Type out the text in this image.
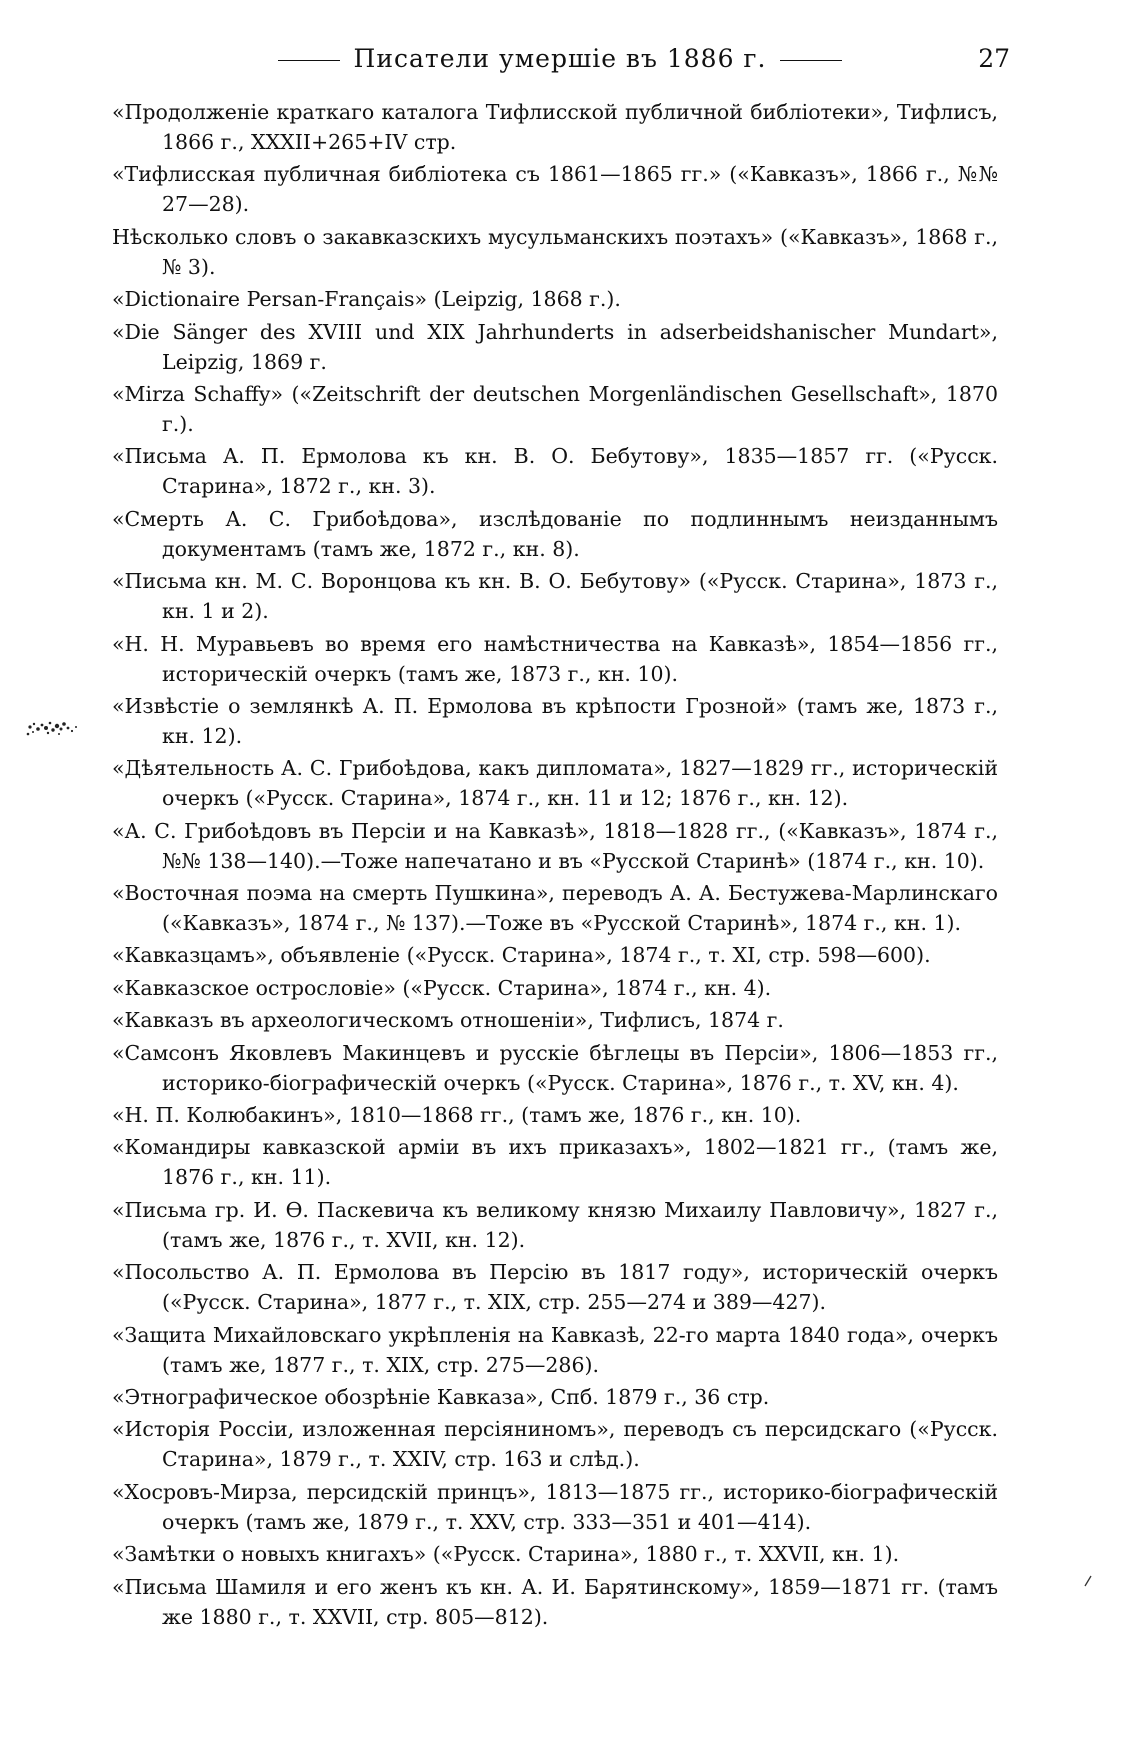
Писатели умершіе въ 1886 г.	27

«Продолженіе краткаго каталога Тифлисской публичной библіотеки», Тифлисъ, 1866 г., XXXII+265+IV стр.

«Тифлисская публичная библіотека съ 1861—1865 гг.» («Кавказъ», 1866 г., №№ 27—28).

Нѣсколько словъ о закавказскихъ мусульманскихъ поэтахъ» («Кавказъ», 1868 г., № 3).

«Dictionaire Persan-Français» (Leipzig, 1868 г.).

«Die Sänger des XVIII und XIX Jahrhunderts in adserbeidshanischer Mundart», Leipzig, 1869 г.

«Mirza Schaffy» («Zeitschrift der deutschen Morgenländischen Gesellschaft», 1870 г.).

«Письма А. П. Ермолова къ кн. В. О. Бебутову», 1835—1857 гг. («Русск. Старина», 1872 г., кн. 3).

«Смерть А. С. Грибоѣдова», изслѣдованіе по подлиннымъ неизданнымъ документамъ (тамъ же, 1872 г., кн. 8).

«Письма кн. М. С. Воронцова къ кн. В. О. Бебутову» («Русск. Старина», 1873 г., кн. 1 и 2).

«Н. Н. Муравьевъ во время его намѣстничества на Кавказѣ», 1854—1856 гг., историческій очеркъ (тамъ же, 1873 г., кн. 10).

«Извѣстіе о землянкѣ А. П. Ермолова въ крѣпости Грозной» (тамъ же, 1873 г., кн. 12).

«Дѣятельность А. С. Грибоѣдова, какъ дипломата», 1827—1829 гг., историческій очеркъ («Русск. Старина», 1874 г., кн. 11 и 12; 1876 г., кн. 12).

«А. С. Грибоѣдовъ въ Персіи и на Кавказѣ», 1818—1828 гг., («Кавказъ», 1874 г., №№ 138—140).—Тоже напечатано и въ «Русской Старинѣ» (1874 г., кн. 10).

«Восточная поэма на смерть Пушкина», переводъ А. А. Бестужева-Марлинскаго («Кавказъ», 1874 г., № 137).—Тоже въ «Русской Старинѣ», 1874 г., кн. 1).

«Кавказцамъ», объявленіе («Русск. Старина», 1874 г., т. XI, стр. 598—600).

«Кавказское острословіе» («Русск. Старина», 1874 г., кн. 4).

«Кавказъ въ археологическомъ отношеніи», Тифлисъ, 1874 г.

«Самсонъ Яковлевъ Макинцевъ и русскіе бѣглецы въ Персіи», 1806—1853 гг., историко-біографическій очеркъ («Русск. Старина», 1876 г., т. XV, кн. 4).

«Н. П. Колюбакинъ», 1810—1868 гг., (тамъ же, 1876 г., кн. 10).

«Командиры кавказской арміи въ ихъ приказахъ», 1802—1821 гг., (тамъ же, 1876 г., кн. 11).

«Письма гр. И. Ѳ. Паскевича къ великому князю Михаилу Павловичу», 1827 г., (тамъ же, 1876 г., т. XVII, кн. 12).

«Посольство А. П. Ермолова въ Персію въ 1817 году», историческій очеркъ («Русск. Старина», 1877 г., т. XIX, стр. 255—274 и 389—427).

«Защита Михайловскаго укрѣпленія на Кавказѣ, 22-го марта 1840 года», очеркъ (тамъ же, 1877 г., т. XIX, стр. 275—286).

«Этнографическое обозрѣніе Кавказа», Спб. 1879 г., 36 стр.

«Исторія Россіи, изложенная персіяниномъ», переводъ съ персидскаго («Русск. Старина», 1879 г., т. XXIV, стр. 163 и слѣд.).

«Хосровъ-Мирза, персидскій принцъ», 1813—1875 гг., историко-біографическій очеркъ (тамъ же, 1879 г., т. XXV, стр. 333—351 и 401—414).

«Замѣтки о новыхъ книгахъ» («Русск. Старина», 1880 г., т. XXVII, кн. 1).

«Письма Шамиля и его женъ къ кн. А. И. Барятинскому», 1859—1871 гг. (тамъ же 1880 г., т. XXVII, стр. 805—812).
